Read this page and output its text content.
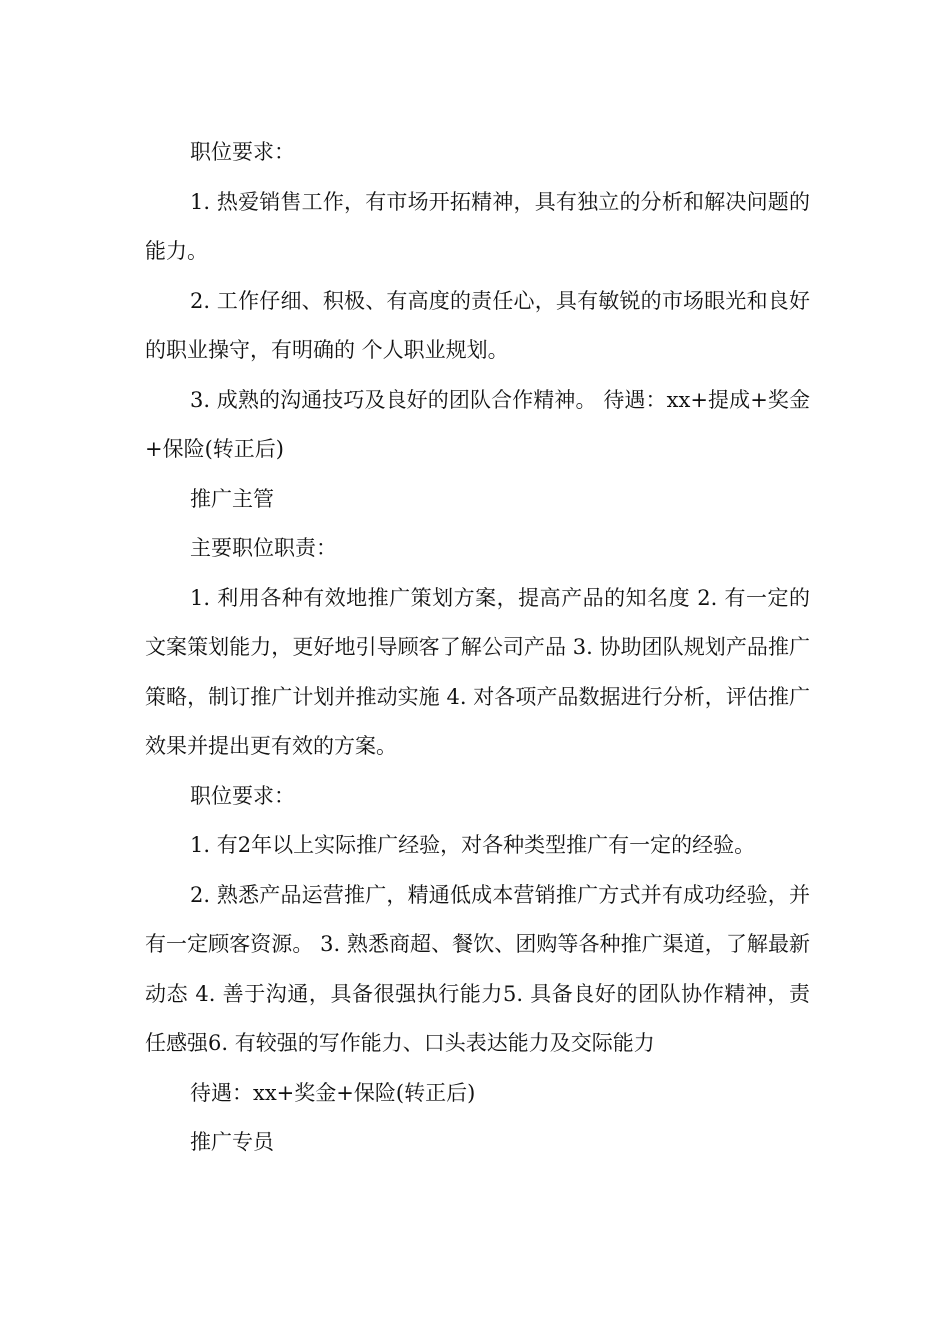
职位要求：

1. 热爱销售工作，有市场开拓精神，具有独立的分析和解决问题的能力。

2. 工作仔细、积极、有高度的责任心，具有敏锐的市场眼光和良好的职业操守，有明确的 个人职业规划。

3. 成熟的沟通技巧及良好的团队合作精神。 待遇：xx+提成+奖金+保险(转正后)

推广主管

主要职位职责：

1. 利用各种有效地推广策划方案，提高产品的知名度 2. 有一定的文案策划能力，更好地引导顾客了解公司产品 3. 协助团队规划产品推广策略，制订推广计划并推动实施 4. 对各项产品数据进行分析，评估推广效果并提出更有效的方案。

职位要求：

1. 有2年以上实际推广经验，对各种类型推广有一定的经验。

2. 熟悉产品运营推广，精通低成本营销推广方式并有成功经验，并有一定顾客资源。 3. 熟悉商超、餐饮、团购等各种推广渠道，了解最新动态 4. 善于沟通，具备很强执行能力5. 具备良好的团队协作精神，责任感强6. 有较强的写作能力、口头表达能力及交际能力

待遇：xx+奖金+保险(转正后)

推广专员
